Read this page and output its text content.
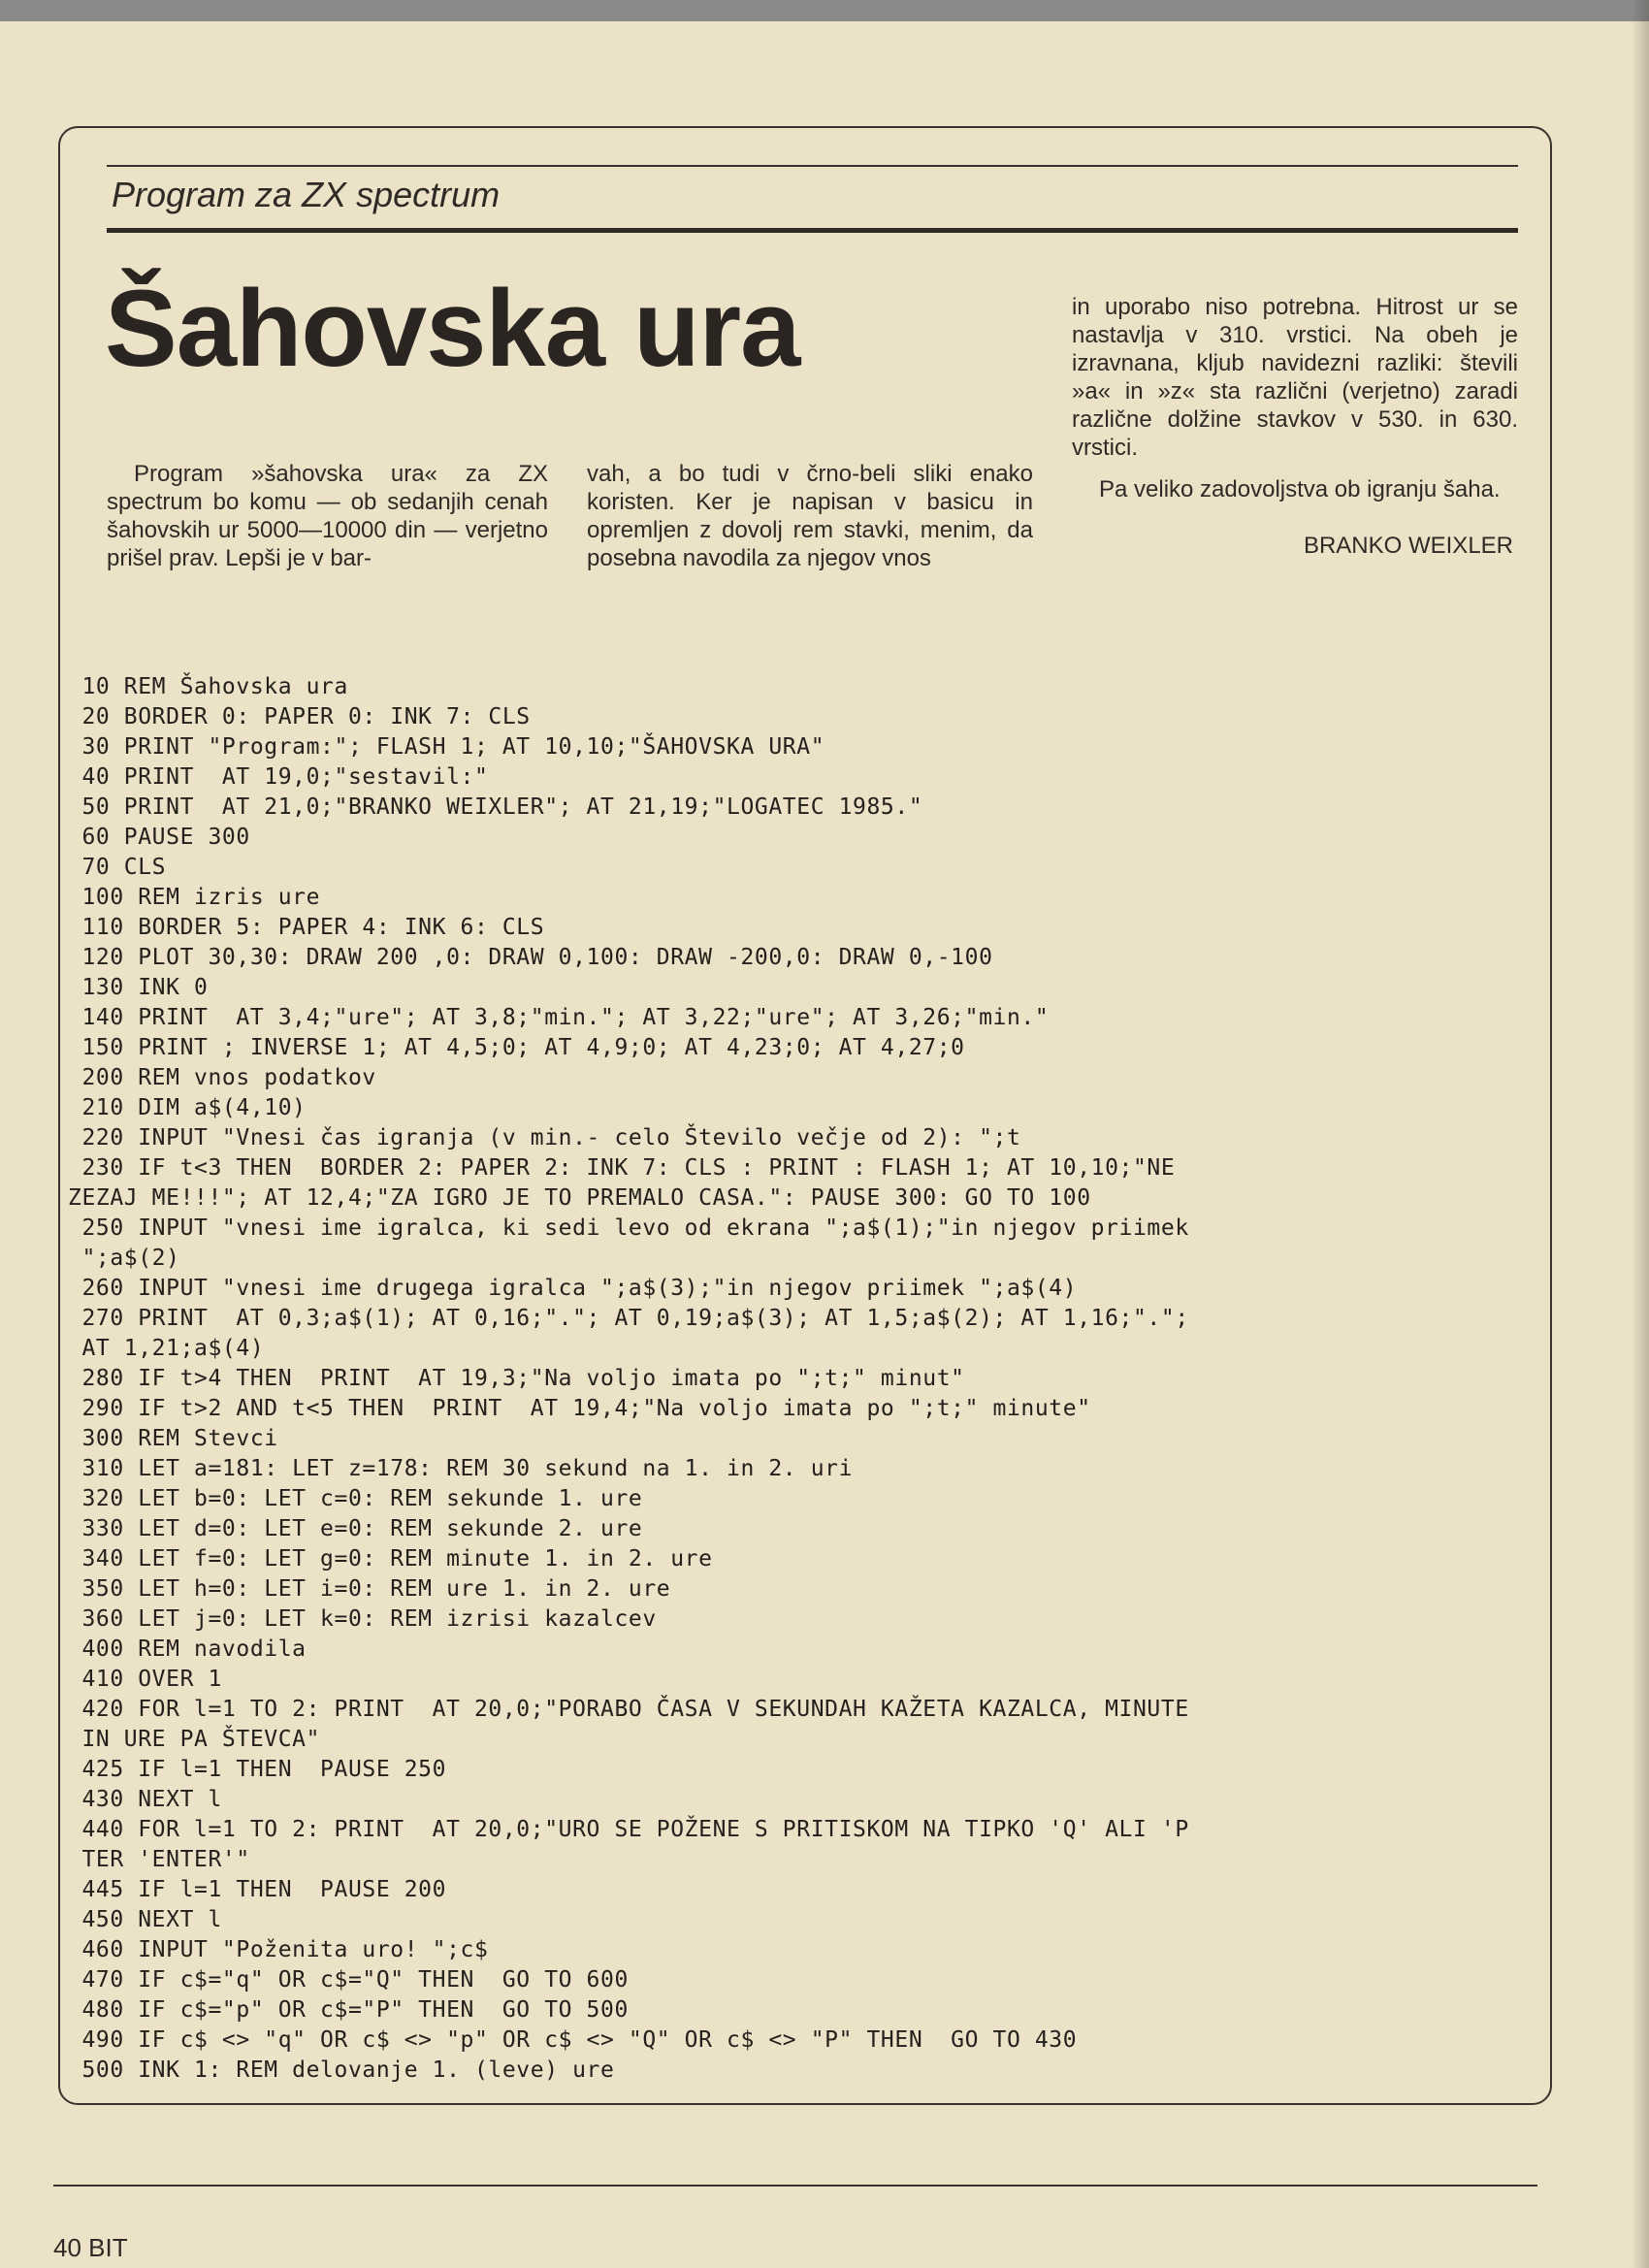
Program za ZX spectrum
Šahovska ura

Program »šahovska ura« za ZX spectrum bo komu — ob sedanjih cenah šahovskih ur 5000—10000 din — verjetno prišel prav. Lepši je v bar-

vah, a bo tudi v črno-beli sliki enako koristen. Ker je napisan v basicu in opremljen z dovolj rem stavki, menim, da posebna navodila za njegov vnos

in uporabo niso potrebna. Hitrost ur se nastavlja v 310. vrstici. Na obeh je izravnana, kljub navidezni razliki: števili »a« in »z« sta različni (verjetno) zaradi različne dolžine stavkov v 530. in 630. vrstici.

Pa veliko zadovoljstva ob igranju šaha.

BRANKO WEIXLER
10 REM Šahovska ura
20 BORDER 0: PAPER 0: INK 7: CLS
30 PRINT "Program:"; FLASH 1; AT 10,10;"ŠAHOVSKA URA"
40 PRINT  AT 19,0;"sestavil:"
50 PRINT  AT 21,0;"BRANKO WEIXLER"; AT 21,19;"LOGATEC 1985."
60 PAUSE 300
70 CLS
100 REM izris ure
110 BORDER 5: PAPER 4: INK 6: CLS
120 PLOT 30,30: DRAW 200 ,0: DRAW 0,100: DRAW -200,0: DRAW 0,-100
130 INK 0
140 PRINT  AT 3,4;"ure"; AT 3,8;"min."; AT 3,22;"ure"; AT 3,26;"min."
150 PRINT ; INVERSE 1; AT 4,5;0; AT 4,9;0; AT 4,23;0; AT 4,27;0
200 REM vnos podatkov
210 DIM a$(4,10)
220 INPUT "Vnesi čas igranja (v min.- celo Število večje od 2): ";t
230 IF t<3 THEN  BORDER 2: PAPER 2: INK 7: CLS : PRINT : FLASH 1; AT 10,10;"NE
ZEZAJ ME!!!"; AT 12,4;"ZA IGRO JE TO PREMALO CASA.": PAUSE 300: GO TO 100
250 INPUT "vnesi ime igralca, ki sedi levo od ekrana ";a$(1);"in njegov priimek
";a$(2)
260 INPUT "vnesi ime drugega igralca ";a$(3);"in njegov priimek ";a$(4)
270 PRINT  AT 0,3;a$(1); AT 0,16;"."; AT 0,19;a$(3); AT 1,5;a$(2); AT 1,16;".";
AT 1,21;a$(4)
280 IF t>4 THEN  PRINT  AT 19,3;"Na voljo imata po ";t;" minut"
290 IF t>2 AND t<5 THEN  PRINT  AT 19,4;"Na voljo imata po ";t;" minute"
300 REM Stevci
310 LET a=181: LET z=178: REM 30 sekund na 1. in 2. uri
320 LET b=0: LET c=0: REM sekunde 1. ure
330 LET d=0: LET e=0: REM sekunde 2. ure
340 LET f=0: LET g=0: REM minute 1. in 2. ure
350 LET h=0: LET i=0: REM ure 1. in 2. ure
360 LET j=0: LET k=0: REM izrisi kazalcev
400 REM navodila
410 OVER 1
420 FOR l=1 TO 2: PRINT  AT 20,0;"PORABO ČASA V SEKUNDAH KAŽETA KAZALCA, MINUTE
IN URE PA ŠTEVCA"
425 IF l=1 THEN  PAUSE 250
430 NEXT l
440 FOR l=1 TO 2: PRINT  AT 20,0;"URO SE POŽENE S PRITISKOM NA TIPKO 'Q' ALI 'P
TER 'ENTER'"
445 IF l=1 THEN  PAUSE 200
450 NEXT l
460 INPUT "Poženita uro! ";c$
470 IF c$="q" OR c$="Q" THEN  GO TO 600
480 IF c$="p" OR c$="P" THEN  GO TO 500
490 IF c$ <> "q" OR c$ <> "p" OR c$ <> "Q" OR c$ <> "P" THEN  GO TO 430
500 INK 1: REM delovanje 1. (leve) ure
40 BIT
